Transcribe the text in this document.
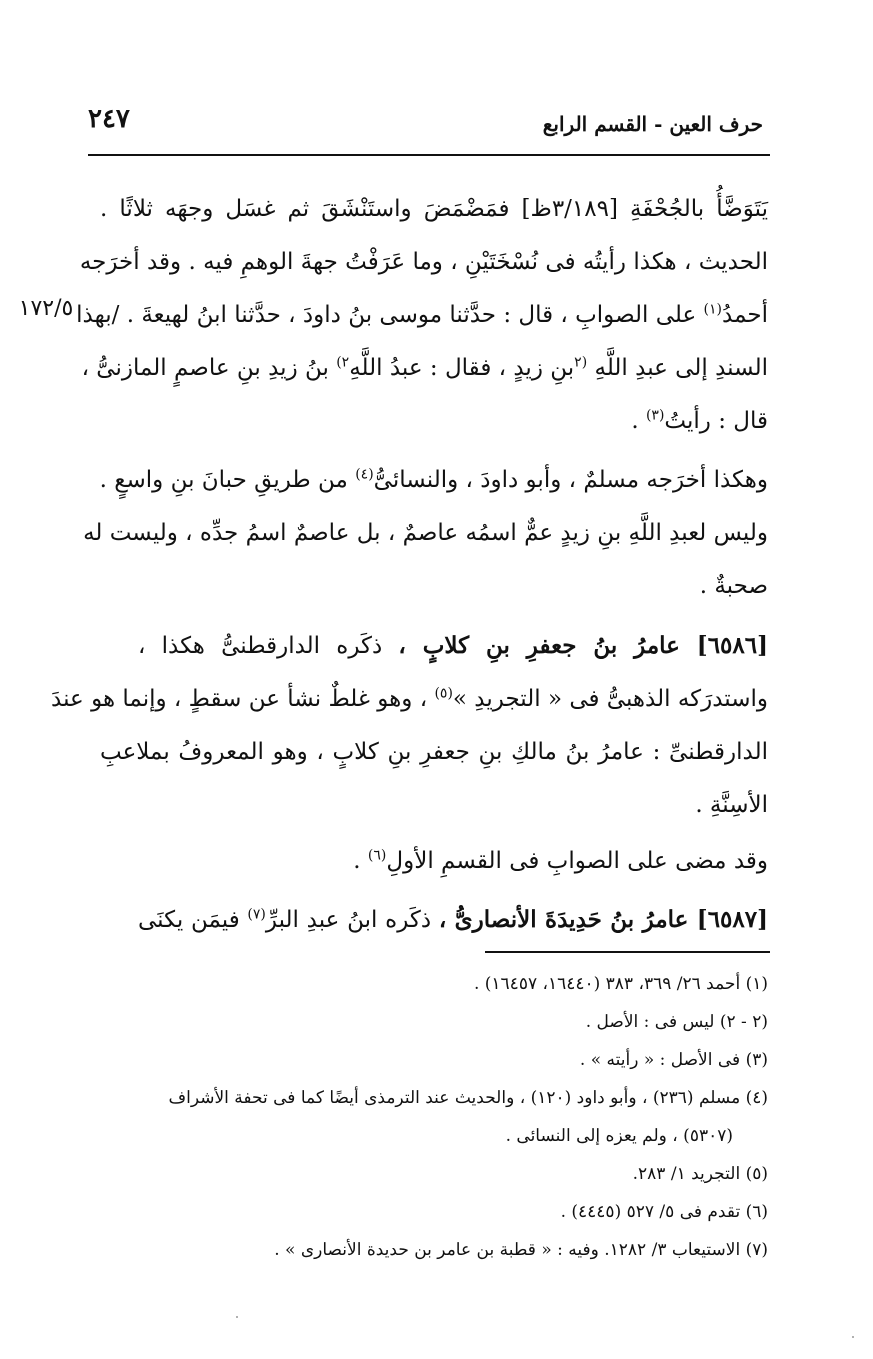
٢٤٧	حرف العين - القسم الرابع
١٧٢/٥
يَتَوَضَّأُ بالجُحْفَةِ [٣/١٨٩ظ] فمَضْمَضَ واستَنْشَقَ ثم غسَل وجهَه ثلاثًا .
الحديث ، هكذا رأيتُه فى نُسْخَتَيْنِ ، وما عَرَفْتُ جهةَ الوهمِ فيه . وقد أخرَجه
أحمدُ$^{(١)}$ على الصوابِ ، قال : حدَّثنا موسى بنُ داودَ ، حدَّثنا ابنُ لهيعةَ . /بهذا
السندِ إلى عبدِ اللَّهِ $^{(٢}$بنِ زيدٍ ، فقال : عبدُ اللَّهِ$^{٢)}$ بنُ زيدِ بنِ عاصمٍ المازنىُّ ،
قال : رأيتُ$^{(٣)}$ .
وهكذا أخرَجه مسلمٌ ، وأبو داودَ ، والنسائىُّ$^{(٤)}$ من طريقِ حبانَ بنِ واسعٍ .
وليس لعبدِ اللَّهِ بنِ زيدٍ عمٌّ اسمُه عاصمٌ ، بل عاصمٌ اسمُ جدِّه ، وليست له
صحبةٌ .
[٦٥٨٦] عامرُ بنُ جعفرِ بنِ كلابٍ ، ذكَره الدارقطنىُّ هكذا ،
واستدرَكه الذهبىُّ فى « التجريدِ »$^{(٥)}$ ، وهو غلطٌ نشأ عن سقطٍ ، وإنما هو عندَ
الدارقطنىِّ : عامرُ بنُ مالكِ بنِ جعفرِ بنِ كلابٍ ، وهو المعروفُ بملاعبِ
الأسِنَّةِ .
وقد مضى على الصوابِ فى القسمِ الأولِ$^{(٦)}$ .
[٦٥٨٧] عامرُ بنُ حَدِيدَةَ الأنصارىُّ ، ذكَره ابنُ عبدِ البرِّ$^{(٧)}$ فيمَن يكنَى
(١) أحمد ٢٦/ ٣٦٩، ٣٨٣ (١٦٤٤٠، ١٦٤٥٧) .
(٢ - ٢) ليس فى : الأصل .
(٣) فى الأصل : « رأيته » .
(٤) مسلم (٢٣٦) ، وأبو داود (١٢٠) ، والحديث عند الترمذى أيضًا كما فى تحفة الأشراف
(٥٣٠٧) ، ولم يعزه إلى النسائى .
(٥) التجريد ١/ ٢٨٣.
(٦) تقدم فى ٥/ ٥٢٧ (٤٤٤٥) .
(٧) الاستيعاب ٣/ ١٢٨٢. وفيه : « قطبة بن عامر بن حديدة الأنصارى » .
